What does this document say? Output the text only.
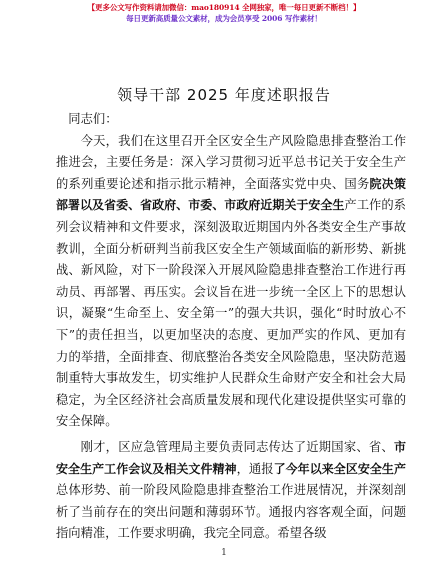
【更多公文写作资料请加微信：mao180914 全网独家，唯一每日更新不断档！】
每日更新高质量公文素材，成为会员享受 2006 写作素材！
领导干部 2025 年度述职报告

同志们：

今天，我们在这里召开全区安全生产风险隐患排查整治工作推进会，主要任务是：深入学习贯彻习近平总书记关于安全生产的系列重要论述和指示批示精神，全面落实党中央、国务院决策部署以及省委、省政府、市委、市政府近期关于安全生产工作的系列会议精神和文件要求，深刻汲取近期国内外各类安全生产事故教训，全面分析研判当前我区安全生产领域面临的新形势、新挑战、新风险，对下一阶段深入开展风险隐患排查整治工作进行再动员、再部署、再压实。会议旨在进一步统一全区上下的思想认识，凝聚“生命至上、安全第一”的强大共识，强化“时时放心不下”的责任担当，以更加坚决的态度、更加严实的作风、更加有力的举措，全面排查、彻底整治各类安全风险隐患，坚决防范遏制重特大事故发生，切实维护人民群众生命财产安全和社会大局稳定，为全区经济社会高质量发展和现代化建设提供坚实可靠的安全保障。

刚才，区应急管理局主要负责同志传达了近期国家、省、市安全生产工作会议及相关文件精神，通报了今年以来全区安全生产总体形势、前一阶段风险隐患排查整治工作进展情况，并深刻剖析了当前存在的突出问题和薄弱环节。通报内容客观全面，问题指向精准，工作要求明确，我完全同意。希望各级

1
